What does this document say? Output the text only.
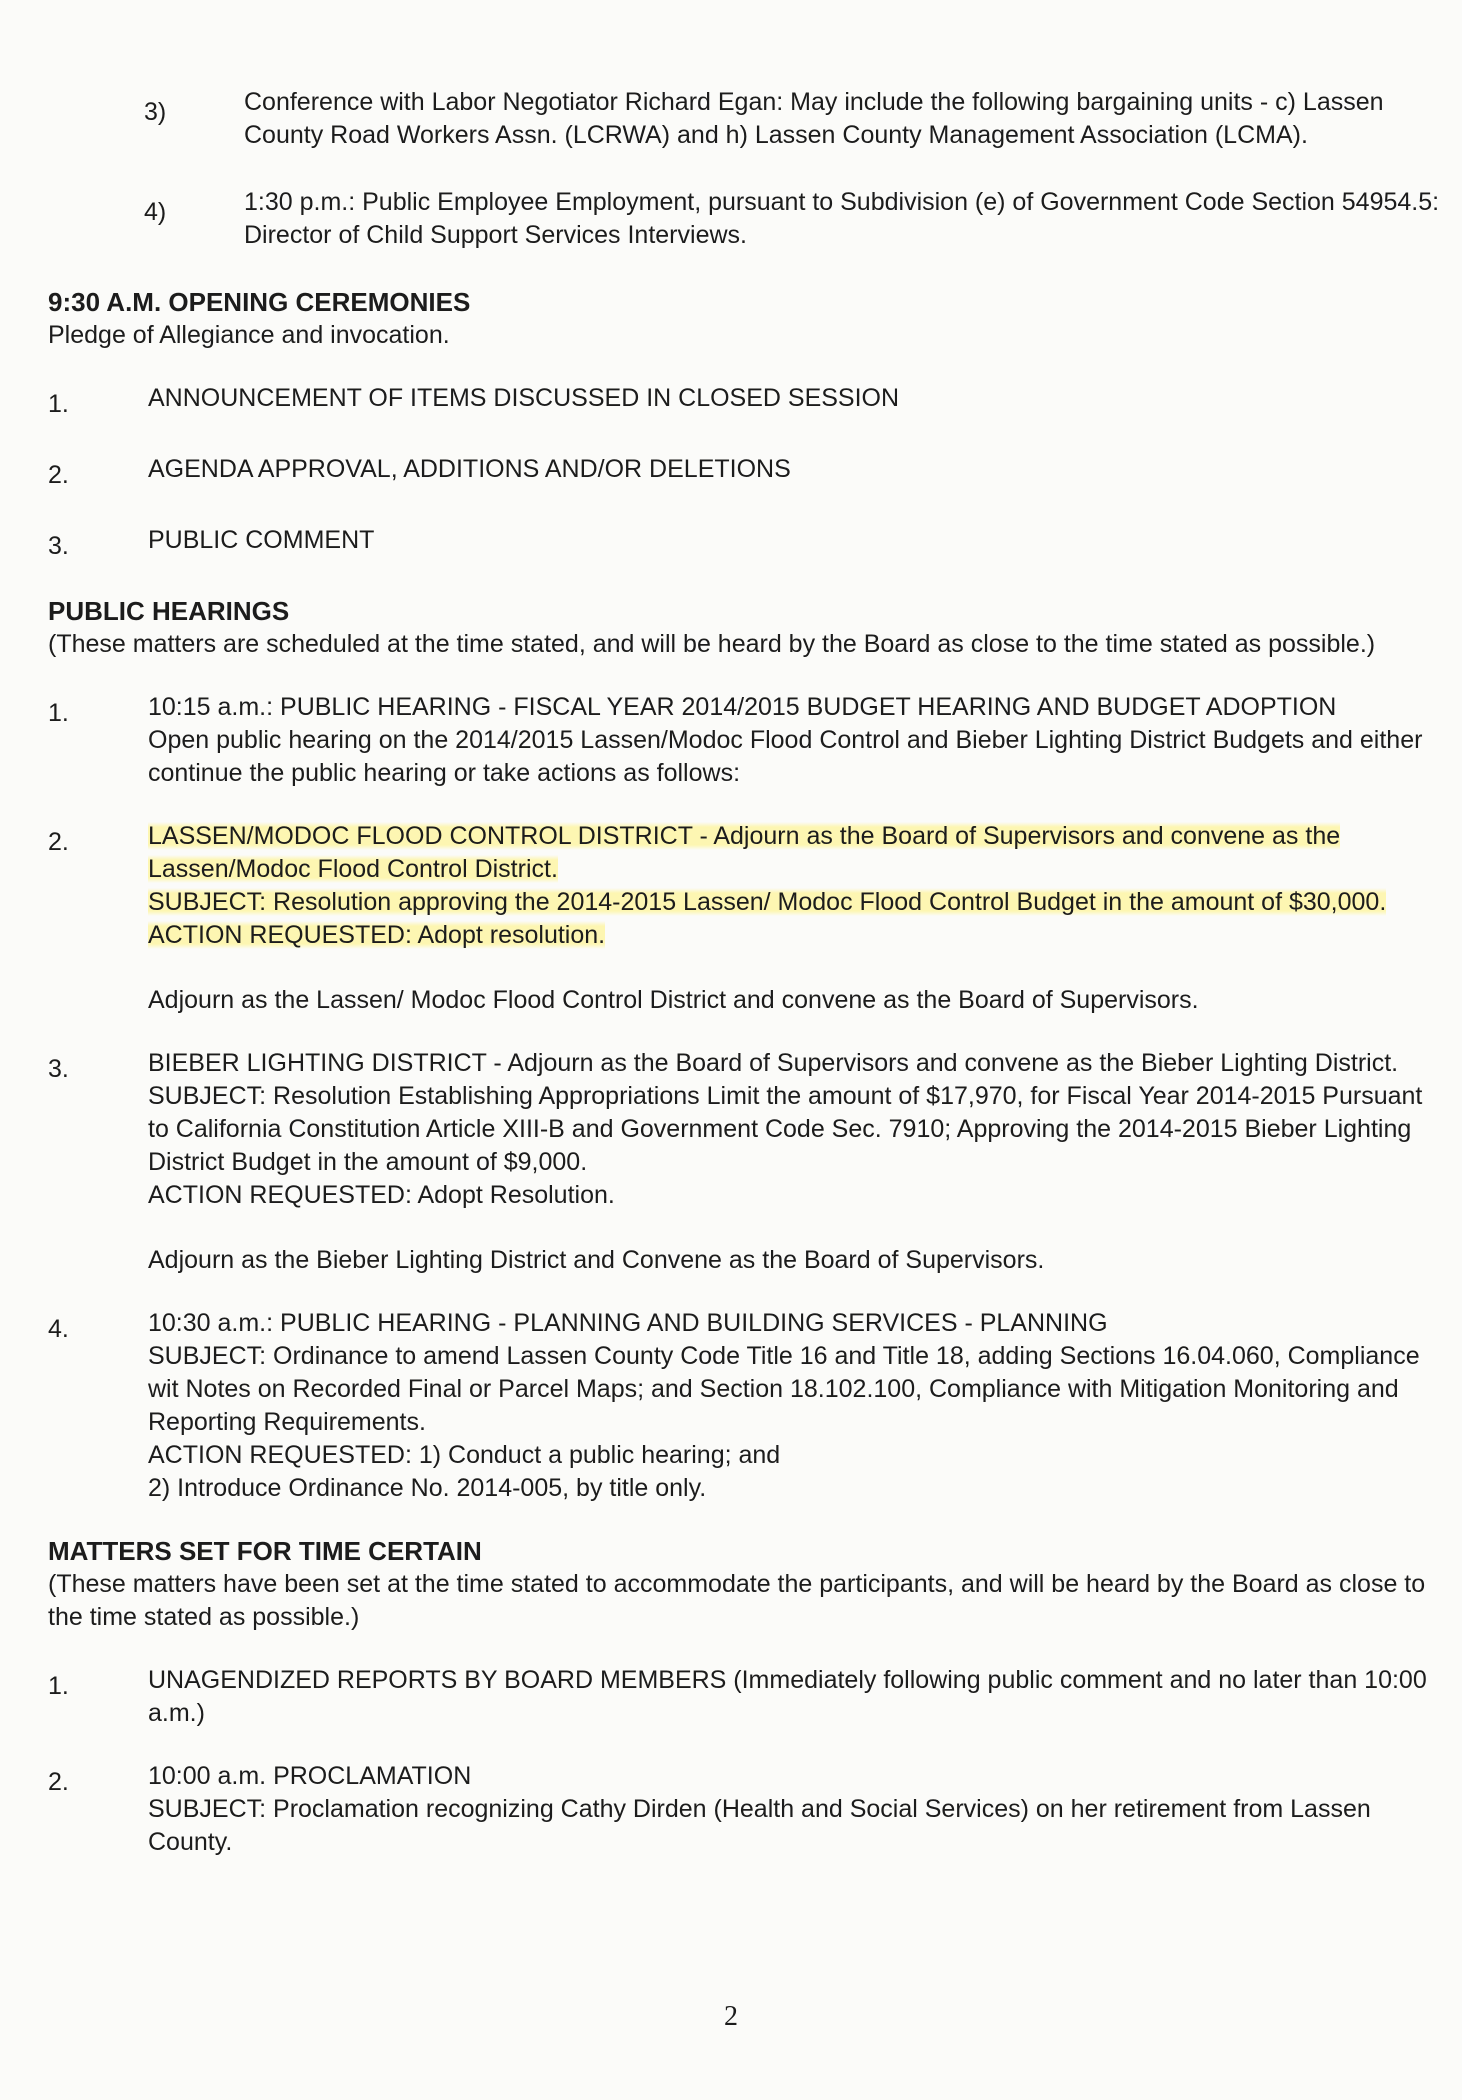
3)	Conference with Labor Negotiator Richard Egan: May include the following bargaining units - c) Lassen County Road Workers Assn. (LCRWA) and h) Lassen County Management Association (LCMA).
4)	1:30 p.m.: Public Employee Employment, pursuant to Subdivision (e) of Government Code Section 54954.5: Director of Child Support Services Interviews.
9:30 A.M. OPENING CEREMONIES
Pledge of Allegiance and invocation.
1.	ANNOUNCEMENT OF ITEMS DISCUSSED IN CLOSED SESSION
2.	AGENDA APPROVAL, ADDITIONS AND/OR DELETIONS
3.	PUBLIC COMMENT
PUBLIC HEARINGS
(These matters are scheduled at the time stated, and will be heard by the Board as close to the time stated as possible.)
1.	10:15 a.m.: PUBLIC HEARING - FISCAL YEAR 2014/2015 BUDGET HEARING AND BUDGET ADOPTION

Open public hearing on the 2014/2015 Lassen/Modoc Flood Control and Bieber Lighting District Budgets and either continue the public hearing or take actions as follows:

2.	LASSEN/MODOC FLOOD CONTROL DISTRICT - Adjourn as the Board of Supervisors and convene as the Lassen/Modoc Flood Control District.

SUBJECT: Resolution approving the 2014-2015 Lassen/ Modoc Flood Control Budget in the amount of $30,000.

ACTION REQUESTED: Adopt resolution.

Adjourn as the Lassen/ Modoc Flood Control District and convene as the Board of Supervisors.

3.	BIEBER LIGHTING DISTRICT - Adjourn as the Board of Supervisors and convene as the Bieber Lighting District.

SUBJECT: Resolution Establishing Appropriations Limit the amount of $17,970, for Fiscal Year 2014-2015 Pursuant to California Constitution Article XIII-B and Government Code Sec. 7910; Approving the 2014-2015 Bieber Lighting District Budget in the amount of $9,000.

ACTION REQUESTED: Adopt Resolution.

Adjourn as the Bieber Lighting District and Convene as the Board of Supervisors.

4.	10:30 a.m.: PUBLIC HEARING - PLANNING AND BUILDING SERVICES - PLANNING

SUBJECT: Ordinance to amend Lassen County Code Title 16 and Title 18, adding Sections 16.04.060, Compliance wit Notes on Recorded Final or Parcel Maps; and Section 18.102.100, Compliance with Mitigation Monitoring and Reporting Requirements.

ACTION REQUESTED: 1) Conduct a public hearing; and

2) Introduce Ordinance No. 2014-005, by title only.

MATTERS SET FOR TIME CERTAIN
(These matters have been set at the time stated to accommodate the participants, and will be heard by the Board as close to the time stated as possible.)
1.	UNAGENDIZED REPORTS BY BOARD MEMBERS (Immediately following public comment and no later than 10:00 a.m.)

2.	10:00 a.m. PROCLAMATION

SUBJECT: Proclamation recognizing Cathy Dirden (Health and Social Services) on her retirement from Lassen County.

2
